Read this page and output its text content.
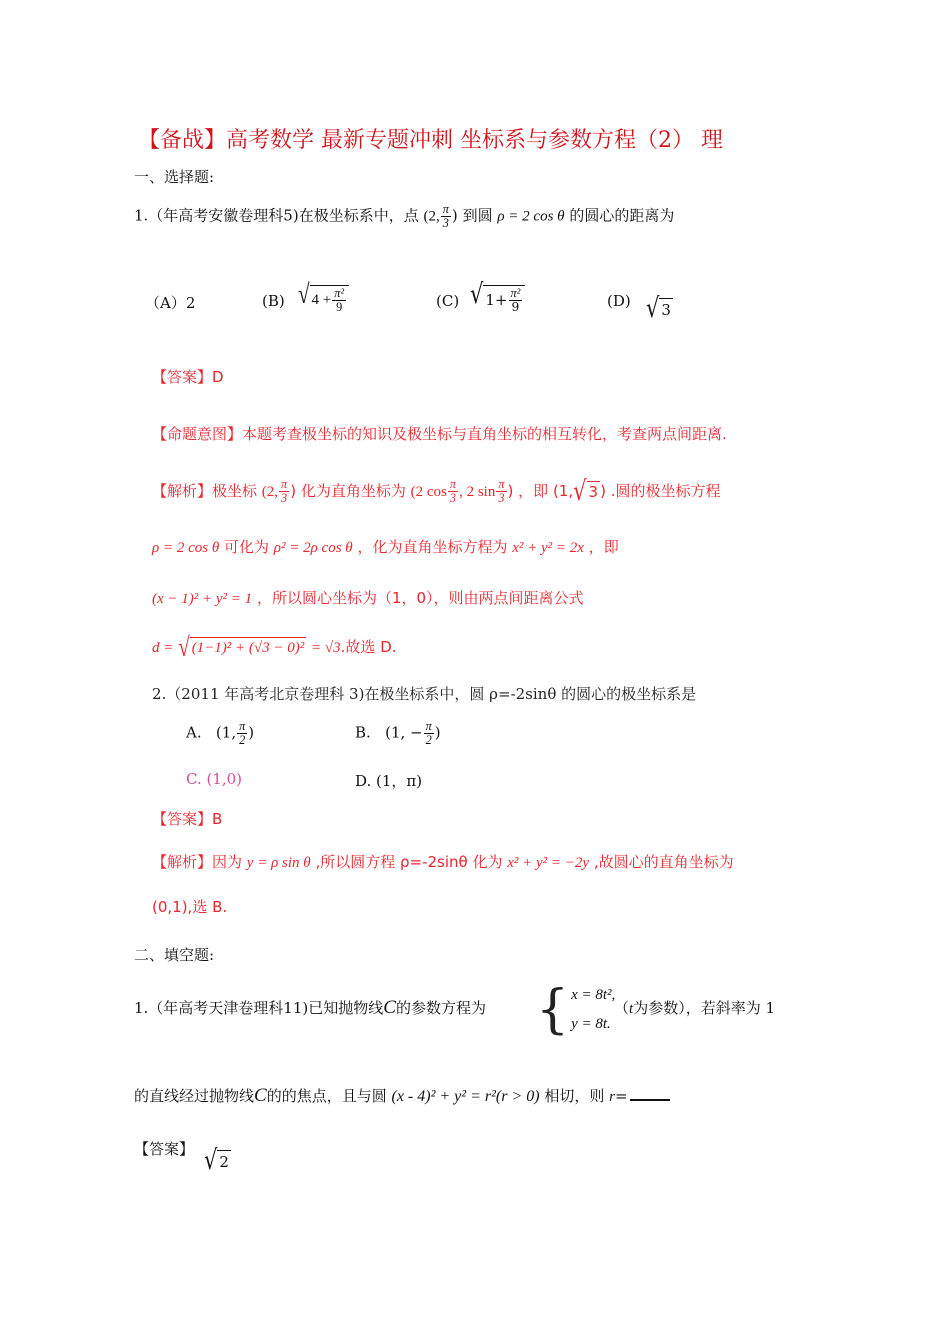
【备战】高考数学 最新专题冲刺 坐标系与参数方程（2） 理
一、选择题:
1.（年高考安徽卷理科5)在极坐标系中，点 (2, $\frac{\pi}{3}$ ) 到圆 ρ = 2 cos θ 的圆心的距离为
（A）2	(B) √ $4 + \frac{\text{π²}}{9}$	(C) √ $1+ \frac{\text{π²}}{9}$	(D) √ 3
【答案】D
【命题意图】本题考查极坐标的知识及极坐标与直角坐标的相互转化，考查两点间距离.
【解析】极坐标 (2, $\frac{\pi}{3}$ ) 化为直角坐标为 (2 $\cos \frac{\pi}{3}$ , 2 $\sin \frac{\pi}{3}$ ) ，即 (1, √ 3 ) .圆的极坐标方程
ρ = 2 cos θ 可化为 ρ² = 2ρ cos θ ，化为直角坐标方程为 x² + y² = 2x ，即
(x − 1)² + y² = 1 ，所以圆心坐标为（1，0），则由两点间距离公式
d = √ (1−1)² + (√3 − 0)² = √3.故选 D.
2.（2011 年高考北京卷理科 3)在极坐标系中，圆 ρ=-2sinθ 的圆心的极坐标系是
A. (1, $\frac{\pi}{2}$ )	B. (1, − $\frac{\pi}{2}$ )
C. (1,0)	D. (1，π)
【答案】B
【解析】因为 y = ρ sin θ ,所以圆方程 ρ=-2sinθ 化为 x² + y² = −2y ,故圆心的直角坐标为
(0,1),选 B.
二、填空题:
1.（年高考天津卷理科11)已知抛物线C的参数方程为 { x = 8t²,
y = 8t.
（t为参数），若斜率为 1
的直线经过抛物线C的的焦点，且与圆 (x - 4)² + y² = r²(r > 0) 相切，则 r=
【答案】 √ 2
